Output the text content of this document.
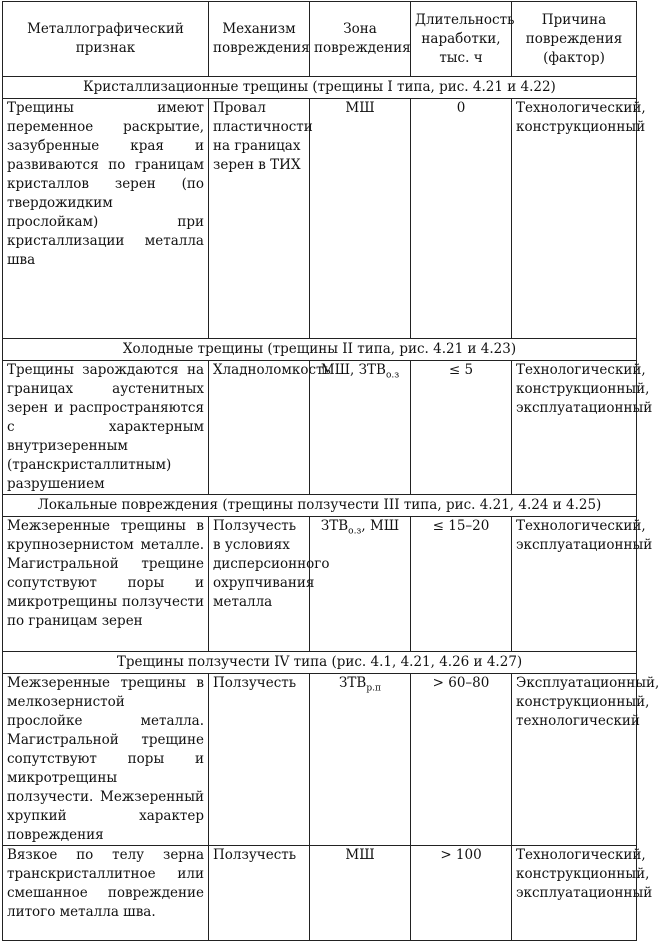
Металлографический признак	Механизм повреждения	Зона повреждения	Длительность наработки, тыс. ч	Причина повреждения (фактор)
Кристаллизационные трещины (трещины I типа, рис. 4.21 и 4.22)				
Трещины имеют переменное раскрытие, зазубренные края и развиваются по границам кристаллов зерен (по твердожидким прослойкам) при кристаллизации металла шва	Провал пластичности на границах зерен в ТИХ	МШ	0	Технологический, конструкционный
Холодные трещины (трещины II типа, рис. 4.21 и 4.23)				
Трещины зарождаются на границах аустенитных зерен и распространяются с характерным внутризеренным (транскристаллитным) разрушением	Хладноломкость	МШ, $ЗТВ_{о.з}$	≤ 5	Технологический, конструкционный, эксплуатационный
Локальные повреждения (трещины ползучести III типа, рис. 4.21, 4.24 и 4.25)				
Межзеренные трещины в крупнозернистом металле. Магистральной трещине сопутствуют поры и микротрещины ползучести по границам зерен	Ползучесть в условиях дисперсионного охрупчивания металла	$ЗТВ_{о.з}$, МШ	≤ 15–20	Технологический, эксплуатационный
Трещины ползучести IV типа (рис. 4.1, 4.21, 4.26 и 4.27)				
Межзеренные трещины в мелкозернистой прослойке металла. Магистральной трещине сопутствуют поры и микротрещины ползучести. Межзеренный хрупкий характер повреждения	Ползучесть	$ЗТВ_{р.п}$	> 60–80	Эксплуатационный, конструкционный, технологический
Вязкое по телу зерна транскристаллитное или смешанное повреждение литого металла шва.	Ползучесть	МШ	> 100	Технологический, конструкционный, эксплуатационный
